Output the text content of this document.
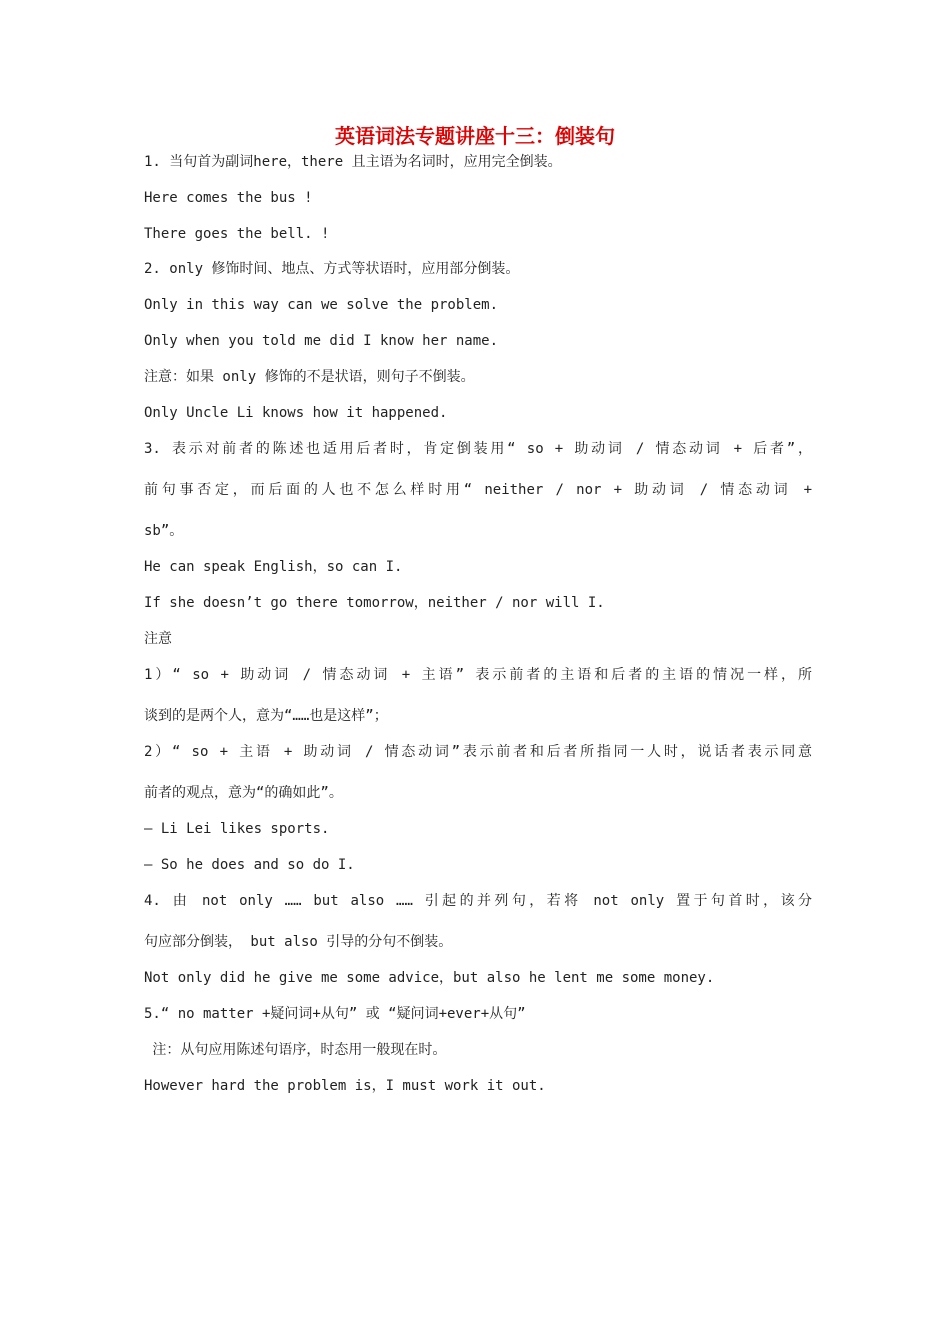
英语词法专题讲座十三：倒装句
1. 当句首为副词here，there 且主语为名词时，应用完全倒装。
Here comes the bus !
There goes the bell. !
2. only 修饰时间、地点、方式等状语时，应用部分倒装。
Only in this way can we solve the problem.
Only when you told me did I know her name.
注意：如果 only 修饰的不是状语，则句子不倒装。
Only Uncle Li knows how it happened.
3. 表示对前者的陈述也适用后者时，肯定倒装用“ so + 助动词 / 情态动词 + 后者”，
前句事否定，而后面的人也不怎么样时用“ neither / nor + 助动词 / 情态动词 +
sb”。
He can speak English，so can I.
If she doesn’t go there tomorrow，neither / nor will I.
注意
1）“ so + 助动词 / 情态动词 + 主语” 表示前者的主语和后者的主语的情况一样，所
谈到的是两个人，意为“……也是这样”；
2）“ so + 主语 + 助动词 / 情态动词”表示前者和后者所指同一人时，说话者表示同意
前者的观点，意为“的确如此”。
— Li Lei likes sports.
— So he does and so do I.
4. 由 not only …… but also …… 引起的并列句，若将 not only 置于句首时，该分
句应部分倒装， but also 引导的分句不倒装。
Not only did he give me some advice，but also he lent me some money.
5.“ no matter +疑问词+从句” 或 “疑问词+ever+从句”
注：从句应用陈述句语序，时态用一般现在时。
However hard the problem is，I must work it out.
